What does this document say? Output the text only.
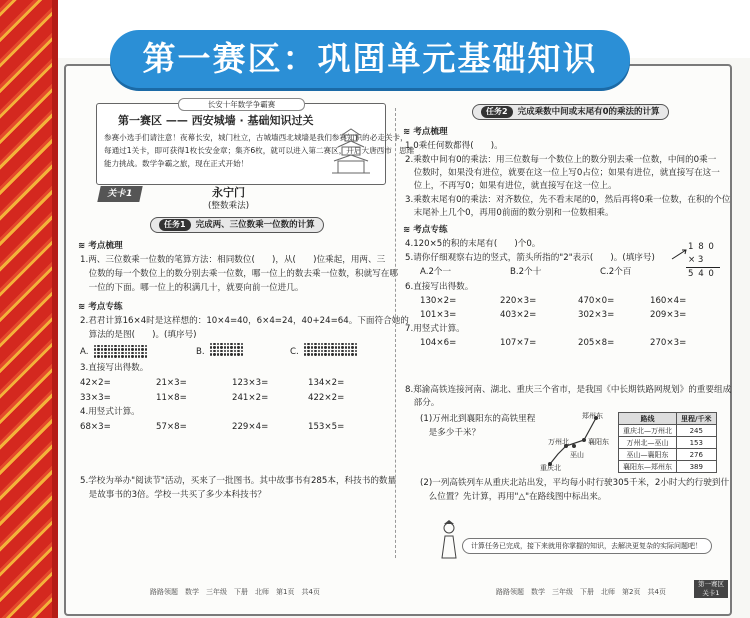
第一赛区：巩固单元基础知识
长安十年数学争霸赛
第一赛区 —— 西安城墙 · 基础知识过关
参赛小选手们请注意！夜幕长安，城门杜立，古城墙西北城墙是我们参赛知识的必走关卡，
每通过1关卡，即可获得1枚长安金章；集齐6枚，就可以进入第二赛区，开启大唐西市 · 思维
能力挑战。数学争霸之旅，现在正式开始！
关卡1	永宁门
(整数乘法)
任务1 完成两、三位数乘一位数的计算
≋ 考点梳理
1.两、三位数乘一位数的笔算方法：相同数位(　　)，从(　　)位乘起，用两、三
　位数的每一个数位上的数分别去乘一位数，哪一位上的数去乘一位数，积就写在哪
　一位的下面。哪一位上的积满几十，就要向前一位进几。
≋ 考点专练
2.君君计算16×4时是这样想的：10×4=40，6×4=24，40+24=64。下面符合她的
　算法的是图(　　)。(填序号)
A.	B.	C.
3.直接写出得数。
42×2=	21×3=	123×3=	134×2=
33×3=	11×8=	241×2=	422×2=
4.用竖式计算。
68×3=	57×8=	229×4=	153×5=
5.学校为举办"阅读节"活动，买来了一批图书。其中故事书有285本，科技书的数量
　是故事书的3倍。学校一共买了多少本科技书？
路路领题　数学　三年级　下册　北师　第1页　共4页
任务2 完成乘数中间或末尾有0的乘法的计算
≋ 考点梳理
1.0乘任何数都得(　　)。
2.乘数中间有0的乘法：用三位数每一个数位上的数分别去乘一位数，中间的0乘一
　位数时，如果没有进位，就要在这一位上写0占位；如果有进位，就直接写在这一
　位上，不再写0；如果有进位，就直接写在这一位上。
3.乘数末尾有0的乘法：对齐数位，先不看末尾的0，然后再将0乘一位数，在积的个位
　末尾补上几个0，再用0前面的数分别和一位数相乘。
≋ 考点专练
4.120×5的积的末尾有(　　)个0。
5.请你仔细观察右边的竖式，箭头所指的"2"表示(　　)。(填序号)
A.2个一	B.2个十	C.2个百
1 8 0
× 3
5 4 0
6.直接写出得数。
130×2=	220×3=	470×0=	160×4=
101×3=	403×2=	302×3=	209×3=
7.用竖式计算。
104×6=	107×7=	205×8=	270×3=
8.郑渝高铁连接河南、湖北、重庆三个省市，是我国《中长期铁路网规划》的重要组成
　部分。
(1)万州北到襄阳东的高铁里程
　是多少千米？
郑州东
襄阳东
巫山
万州北
重庆北
路线	里程/千米
重庆北—万州北	245
万州北—巫山	153
巫山—襄阳东	276
襄阳东—郑州东	389
(2)一列高铁列车从重庆北站出发，平均每小时行驶305千米，2小时大约行驶到什
　么位置？先计算，再用"△"在路线图中标出来。
计算任务已完成，接下来就用你掌握的知识，去解决更复杂的实际问题吧！
路路领题　数学　三年级　下册　北师　第2页　共4页
第一赛区
关卡1
